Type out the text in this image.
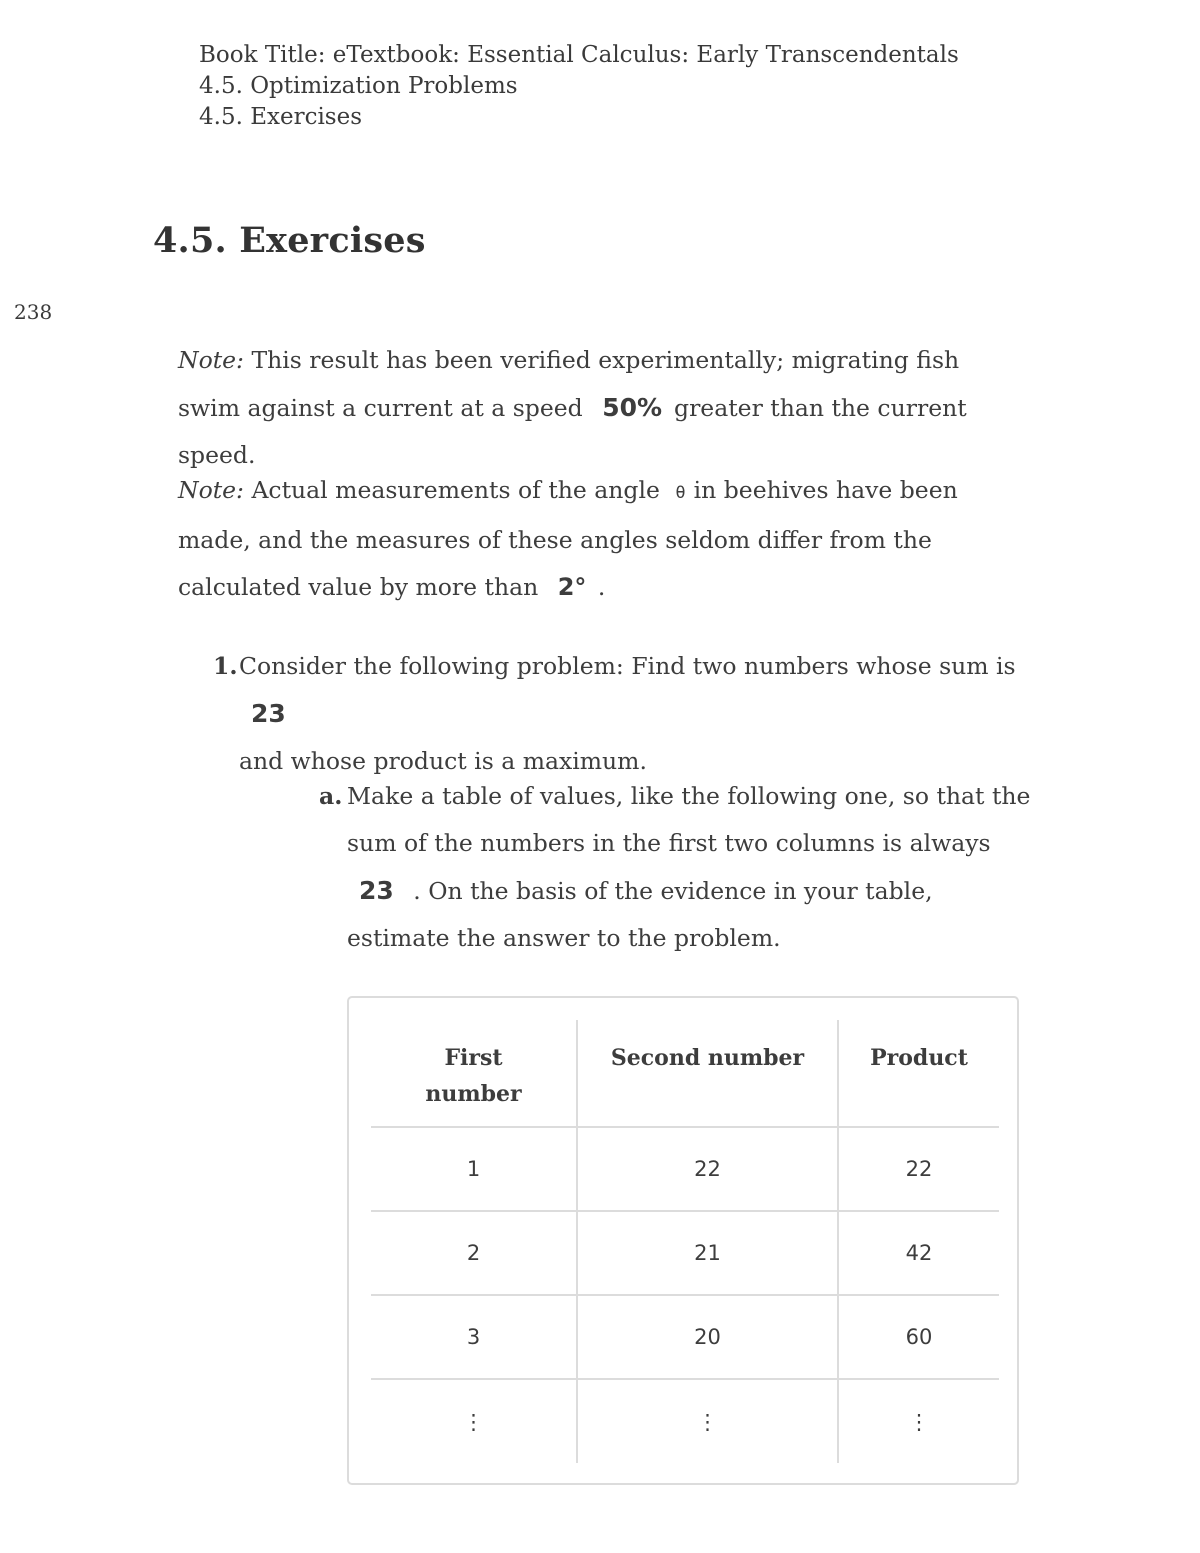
Book Title: eTextbook: Essential Calculus: Early Transcendentals
4.5. Optimization Problems
4.5. Exercises
4.5. Exercises
238
Note: This result has been verified experimentally; migrating fish swim against a current at a speed 50% greater than the current speed.
Note: Actual measurements of the angle θ in beehives have been made, and the measures of these angles seldom differ from the calculated value by more than 2° .
1. Consider the following problem: Find two numbers whose sum is 23
and whose product is a maximum.
a. Make a table of values, like the following one, so that the sum of the numbers in the first two columns is always 23 . On the basis of the evidence in your table, estimate the answer to the problem.
First number	Second number	Product
1	22	22
2	21	42
3	20	60
⋮	⋮	⋮
